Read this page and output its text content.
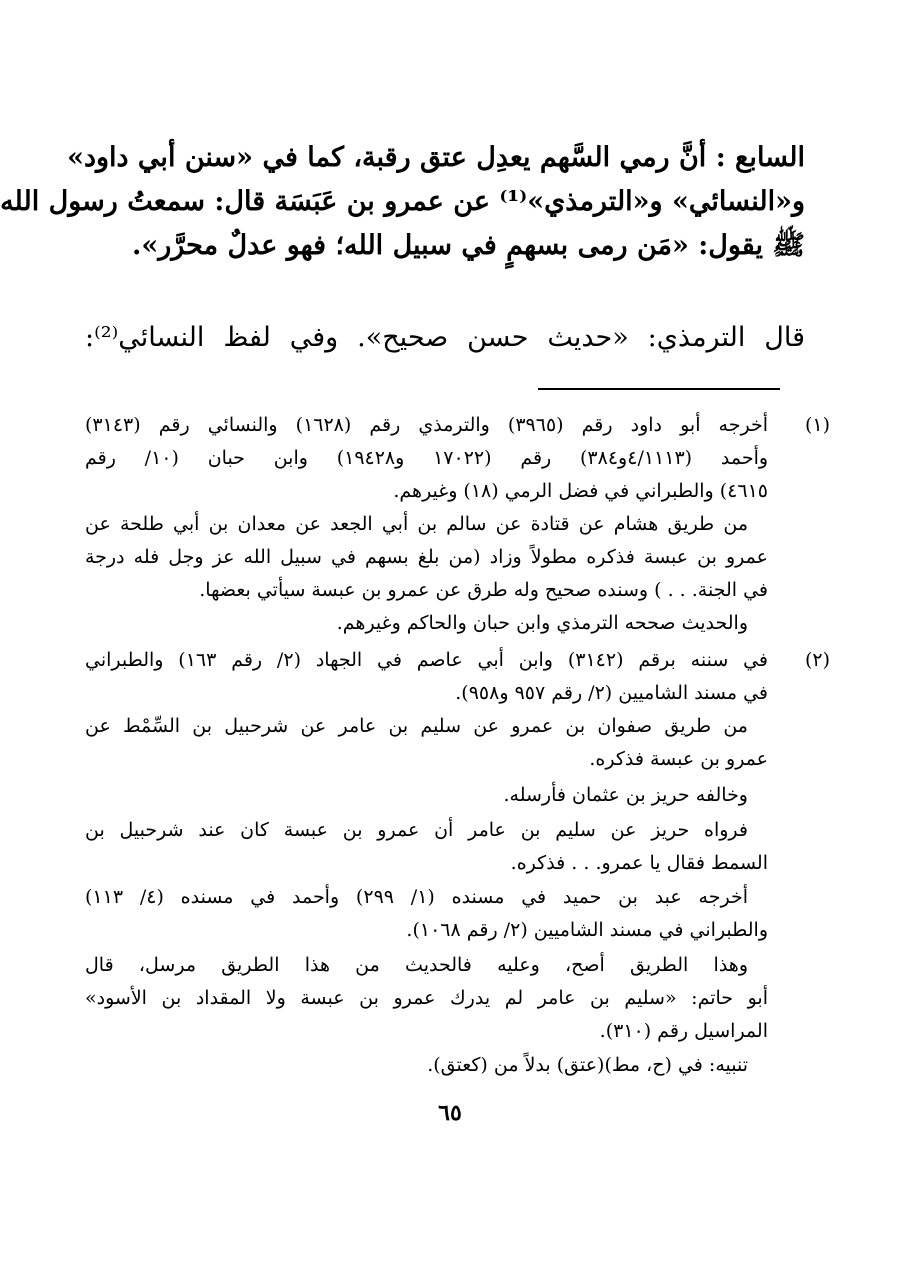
السابع : أنَّ رمي السَّهم يعدِل عتق رقبة، كما في «سنن أبي داود»
و«النسائي» و«الترمذي»⁽¹⁾ عن عمرو بن عَبَسَة قال: سمعتُ رسول الله
ﷺ يقول: «مَن رمى بسهمٍ في سبيل الله؛ فهو عدلٌ محرَّر».
قال الترمذي: «حديث حسن صحيح». وفي لفظ النسائي⁽²⁾:
(١)
أخرجه أبو داود رقم (٣٩٦٥) والترمذي رقم (١٦٢٨) والنسائي رقم (٣١٤٣)
وأحمد (٤/١١١٣و٣٨٤) رقم (١٧٠٢٢ و١٩٤٢٨) وابن حبان (١٠/ رقم
٤٦١٥) والطبراني في فضل الرمي (١٨) وغيرهم.
من طريق هشام عن قتادة عن سالم بن أبي الجعد عن معدان بن أبي طلحة عن
عمرو بن عبسة فذكره مطولاً وزاد (من بلغ بسهم في سبيل الله عز وجل فله درجة
في الجنة. . . ) وسنده صحيح وله طرق عن عمرو بن عبسة سيأتي بعضها.
والحديث صححه الترمذي وابن حبان والحاكم وغيرهم.
(٢)
في سننه برقم (٣١٤٢) وابن أبي عاصم في الجهاد (٢/ رقم ١٦٣) والطبراني
في مسند الشاميين (٢/ رقم ٩٥٧ و٩٥٨).
من طريق صفوان بن عمرو عن سليم بن عامر عن شرحبيل بن السِّمْط عن
عمرو بن عبسة فذكره.
وخالفه حريز بن عثمان فأرسله.
فرواه حريز عن سليم بن عامر أن عمرو بن عبسة كان عند شرحبيل بن
السمط فقال يا عمرو. . . فذكره.
أخرجه عبد بن حميد في مسنده (١/ ٢٩٩) وأحمد في مسنده (٤/ ١١٣)
والطبراني في مسند الشاميين (٢/ رقم ١٠٦٨).
وهذا الطريق أصح، وعليه فالحديث من هذا الطريق مرسل، قال
أبو حاتم: «سليم بن عامر لم يدرك عمرو بن عبسة ولا المقداد بن الأسود»
المراسيل رقم (٣١٠).
تنبيه: في (ح، مط)(عتق) بدلاً من (كعتق).
٦٥
